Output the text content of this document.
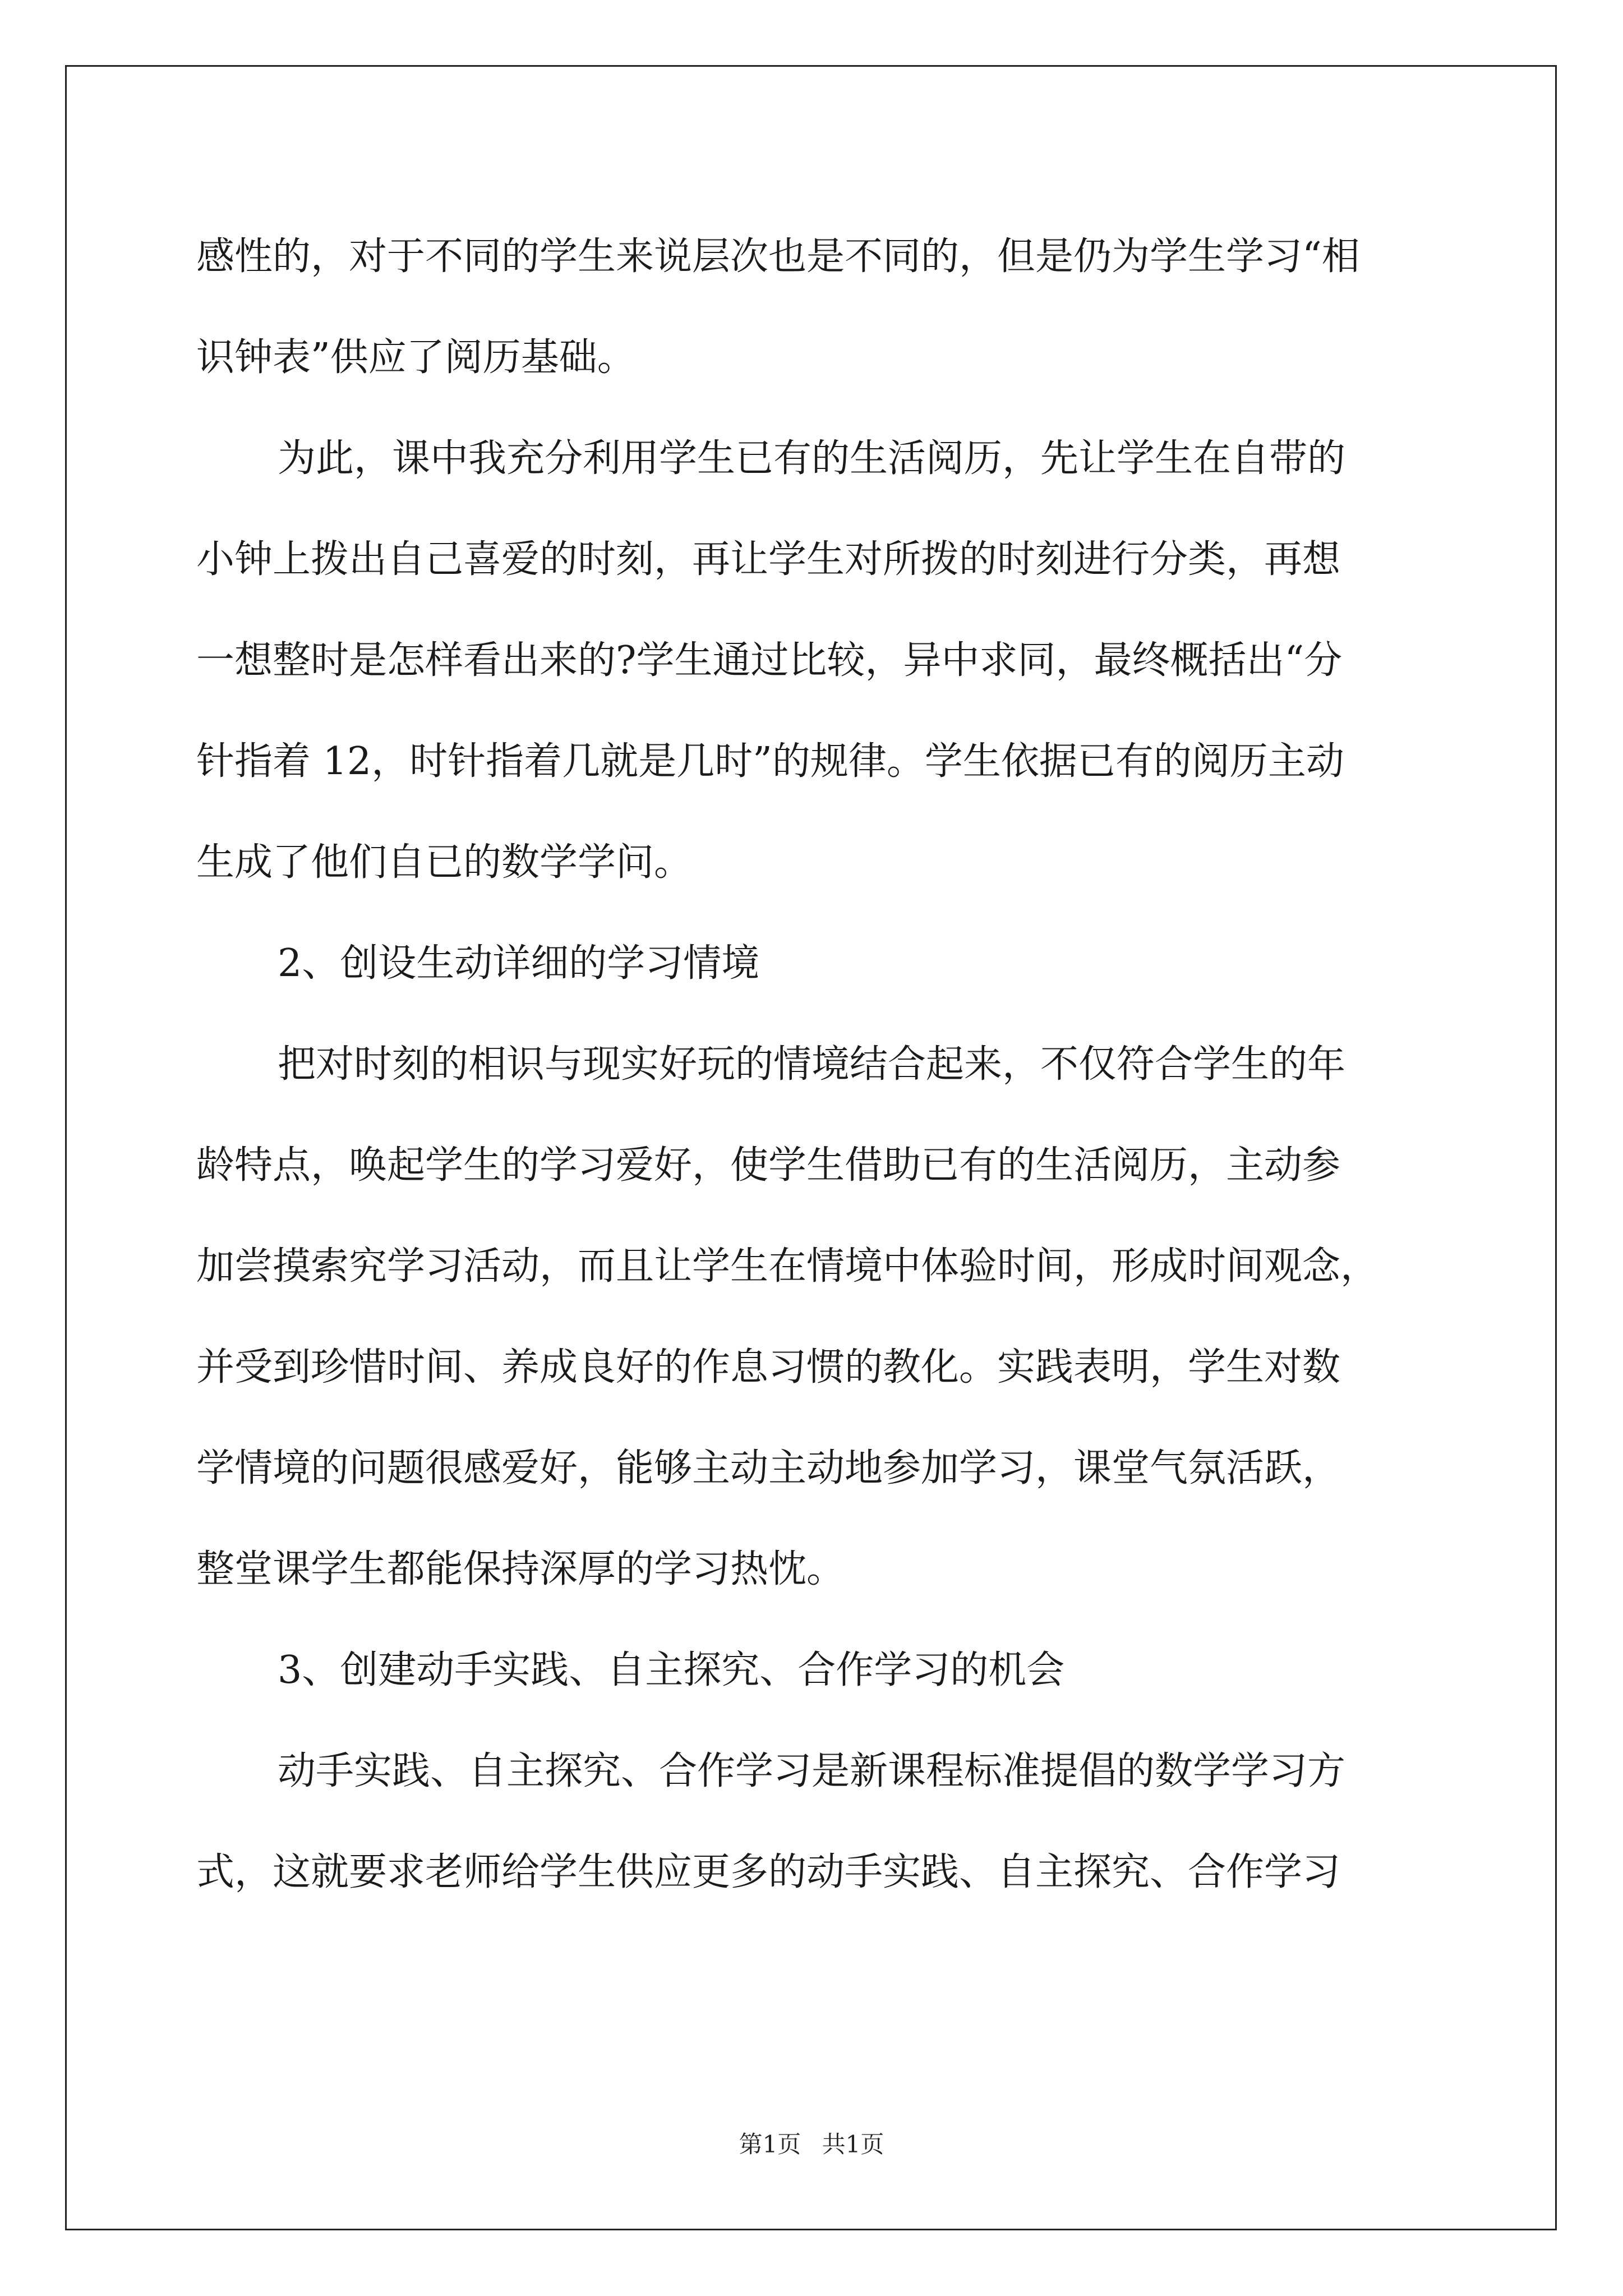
感性的，对于不同的学生来说层次也是不同的，但是仍为学生学习“相
识钟表”供应了阅历基础。
为此，课中我充分利用学生已有的生活阅历，先让学生在自带的
小钟上拨出自己喜爱的时刻，再让学生对所拨的时刻进行分类，再想
一想整时是怎样看出来的?学生通过比较，异中求同，最终概括出“分
针指着 12，时针指着几就是几时”的规律。学生依据已有的阅历主动
生成了他们自已的数学学问。
2、创设生动详细的学习情境
把对时刻的相识与现实好玩的情境结合起来，不仅符合学生的年
龄特点，唤起学生的学习爱好，使学生借助已有的生活阅历，主动参
加尝摸索究学习活动，而且让学生在情境中体验时间，形成时间观念，
并受到珍惜时间、养成良好的作息习惯的教化。实践表明，学生对数
学情境的问题很感爱好，能够主动主动地参加学习，课堂气氛活跃，
整堂课学生都能保持深厚的学习热忱。
3、创建动手实践、自主探究、合作学习的机会
动手实践、自主探究、合作学习是新课程标准提倡的数学学习方
式，这就要求老师给学生供应更多的动手实践、自主探究、合作学习
第1页 共1页
